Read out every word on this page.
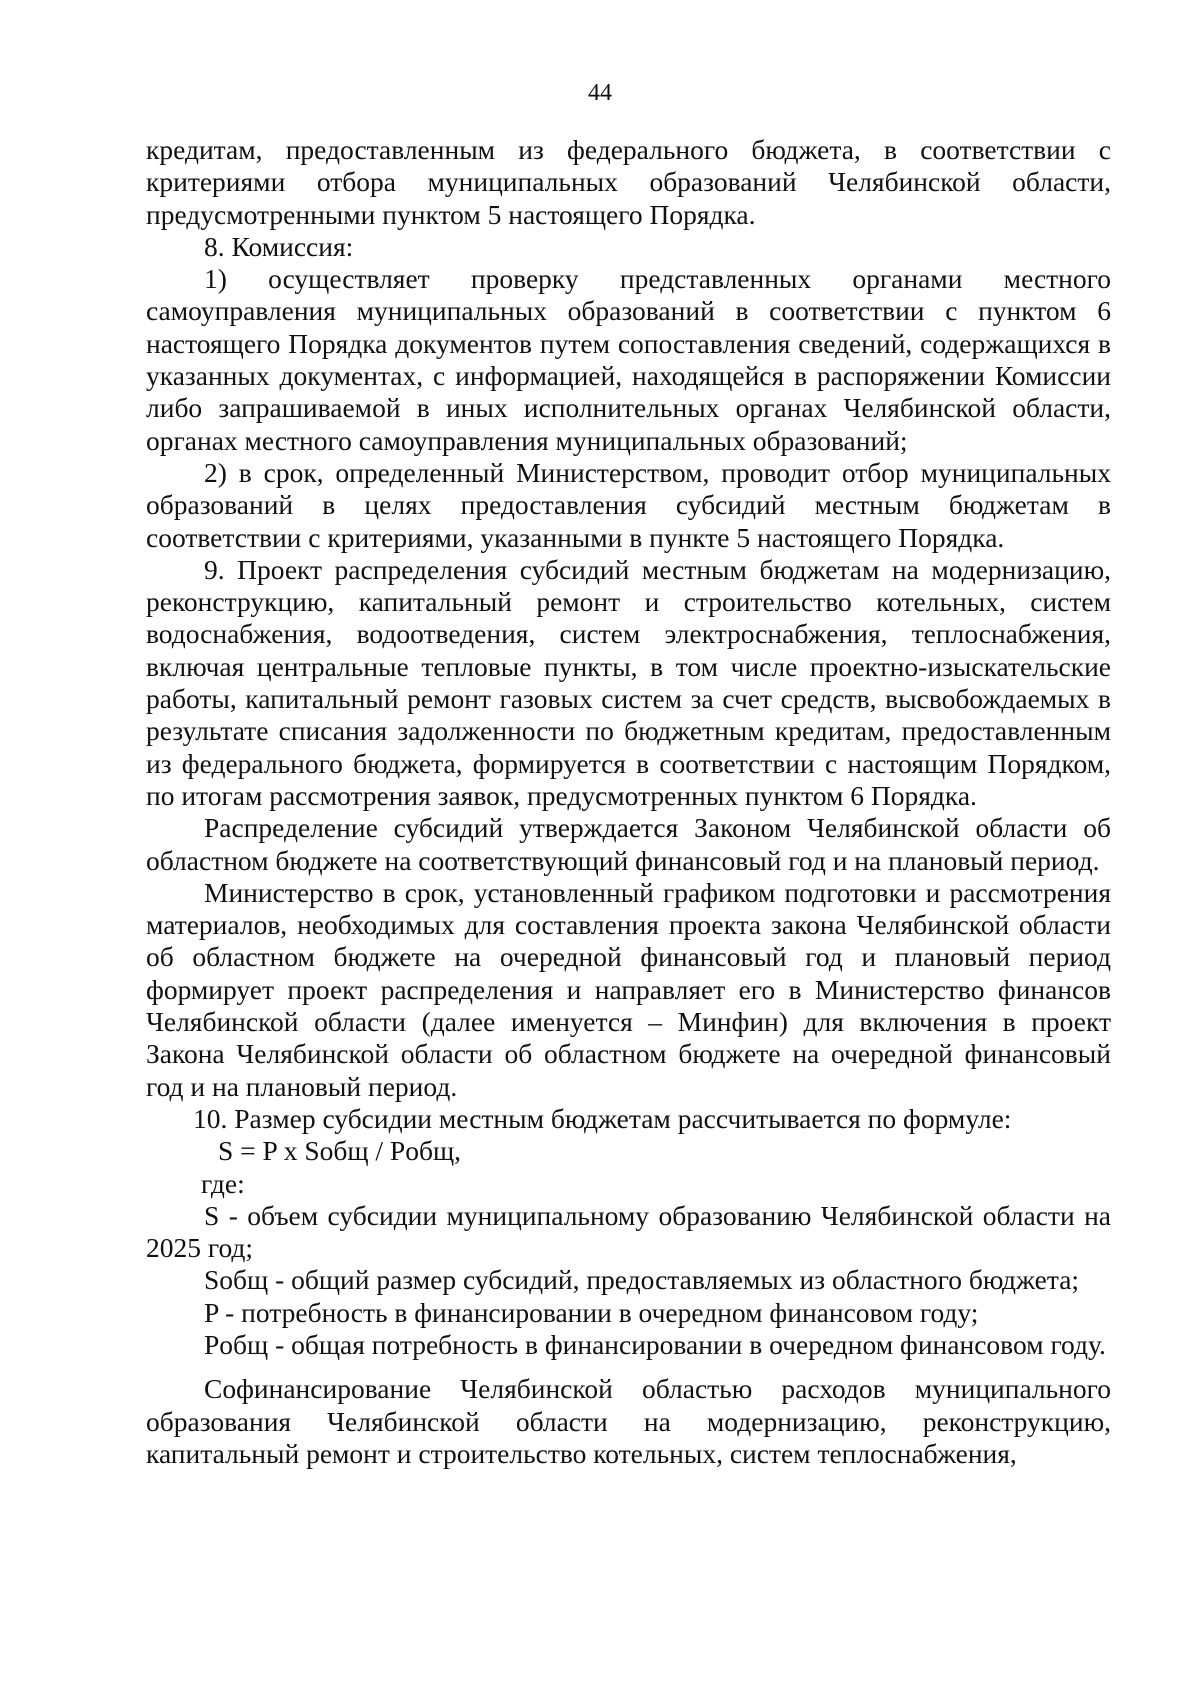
44

кредитам, предоставленным из федерального бюджета, в соответствии с критериями отбора муниципальных образований Челябинской области, предусмотренными пунктом 5 настоящего Порядка.

8. Комиссия:

1) осуществляет проверку представленных органами местного самоуправления муниципальных образований в соответствии с пунктом 6 настоящего Порядка документов путем сопоставления сведений, содержащихся в указанных документах, с информацией, находящейся в распоряжении Комиссии либо запрашиваемой в иных исполнительных органах Челябинской области, органах местного самоуправления муниципальных образований;

2) в срок, определенный Министерством, проводит отбор муниципальных образований в целях предоставления субсидий местным бюджетам в соответствии с критериями, указанными в пункте 5 настоящего Порядка.

9. Проект распределения субсидий местным бюджетам на модернизацию, реконструкцию, капитальный ремонт и строительство котельных, систем водоснабжения, водоотведения, систем электроснабжения, теплоснабжения, включая центральные тепловые пункты, в том числе проектно-изыскательские работы, капитальный ремонт газовых систем за счет средств, высвобождаемых в результате списания задолженности по бюджетным кредитам, предоставленным из федерального бюджета, формируется в соответствии с настоящим Порядком, по итогам рассмотрения заявок, предусмотренных пунктом 6 Порядка.

Распределение субсидий утверждается Законом Челябинской области об областном бюджете на соответствующий финансовый год и на плановый период.

Министерство в срок, установленный графиком подготовки и рассмотрения материалов, необходимых для составления проекта закона Челябинской области об областном бюджете на очередной финансовый год и плановый период формирует проект распределения и направляет его в Министерство финансов Челябинской области (далее именуется – Минфин) для включения в проект Закона Челябинской области об областном бюджете на очередной финансовый год и на плановый период.

10. Размер субсидии местным бюджетам рассчитывается по формуле:

S = P x Sобщ / Pобщ,

где:

S - объем субсидии муниципальному образованию Челябинской области на 2025 год;

Sобщ - общий размер субсидий, предоставляемых из областного бюджета;

P - потребность в финансировании в очередном финансовом году;

Pобщ - общая потребность в финансировании в очередном финансовом году.

Софинансирование Челябинской областью расходов муниципального образования Челябинской области на модернизацию, реконструкцию, капитальный ремонт и строительство котельных, систем теплоснабжения,
